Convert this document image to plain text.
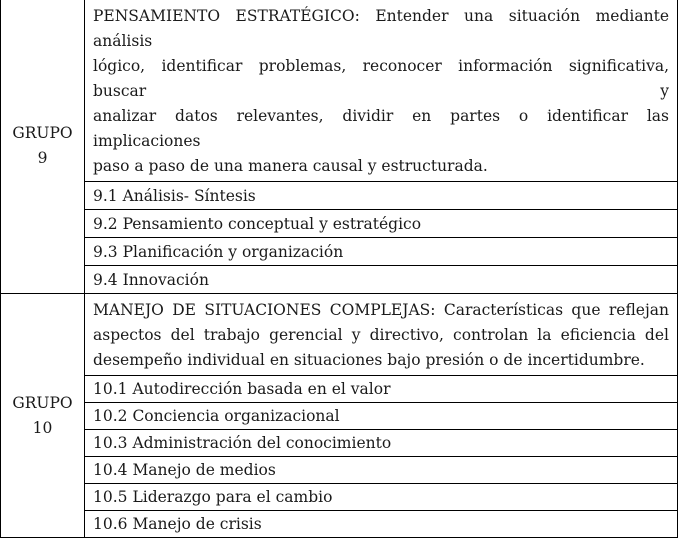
GRUPO
9	PENSAMIENTO ESTRATÉGICO: Entender una situación mediante análisis
lógico, identificar problemas, reconocer información significativa, buscar y
analizar datos relevantes, dividir en partes o identificar las implicaciones
paso a paso de una manera causal y estructurada.

	9.1 Análisis- Síntesis
	9.2 Pensamiento conceptual y estratégico
	9.3 Planificación y organización
	9.4 Innovación
GRUPO
10	MANEJO DE SITUACIONES COMPLEJAS: Características que reflejan
aspectos del trabajo gerencial y directivo, controlan la eficiencia del
desempeño individual en situaciones bajo presión o de incertidumbre.

	10.1 Autodirección basada en el valor
	10.2 Conciencia organizacional
	10.3 Administración del conocimiento
	10.4 Manejo de medios
	10.5 Liderazgo para el cambio
	10.6 Manejo de crisis
